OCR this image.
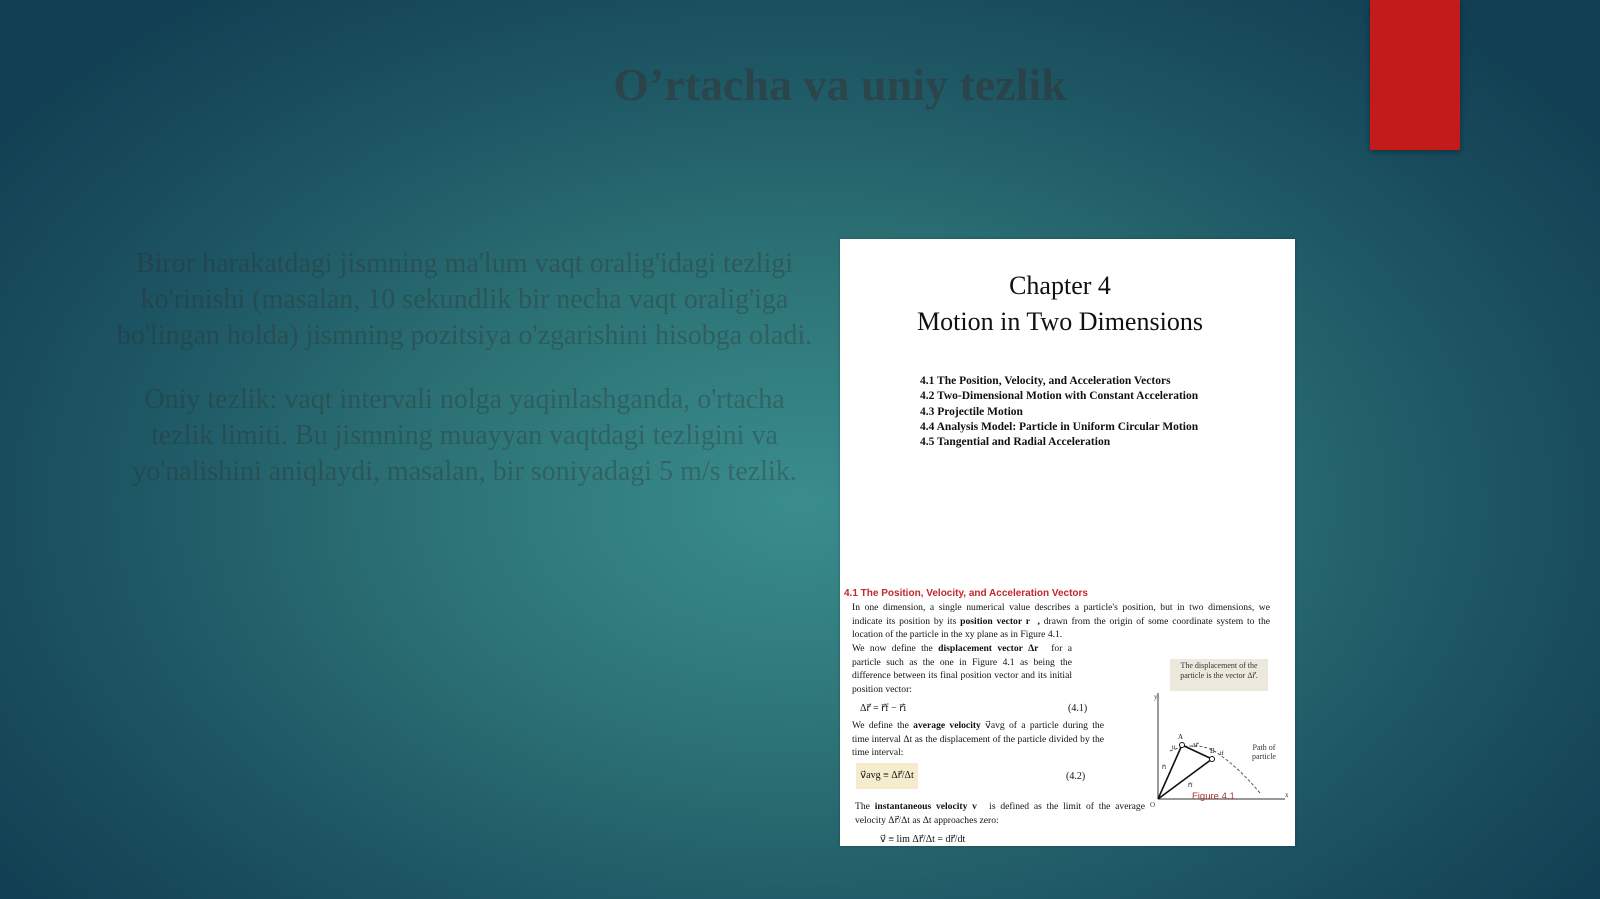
O’rtacha va uniy tezlik

Biror harakatdagi jismning ma'lum vaqt oralig'idagi tezligi ko'rinishi (masalan, 10 sekundlik bir necha vaqt oralig'iga bo'lingan holda) jismning pozitsiya o'zgarishini hisobga oladi.

Oniy tezlik: vaqt intervali nolga yaqinlashganda, o'rtacha tezlik limiti. Bu jismning muayyan vaqtdagi tezligini va yo'nalishini aniqlaydi, masalan, bir soniyadagi 5 m/s tezlik.

Chapter 4
Motion in Two Dimensions
4.1 The Position, Velocity, and Acceleration Vectors
4.2 Two-Dimensional Motion with Constant Acceleration
4.3 Projectile Motion
4.4 Analysis Model: Particle in Uniform Circular Motion
4.5 Tangential and Radial Acceleration
4.1 The Position, Velocity, and Acceleration Vectors
In one dimension, a single numerical value describes a particle's position, but in two dimensions, we indicate its position by its position vector r⃗, drawn from the origin of some coordinate system to the location of the particle in the xy plane as in Figure 4.1.
We now define the displacement vector Δr⃗ for a particle such as the one in Figure 4.1 as being the difference between its final position vector and its initial position vector:
Δr⃗ = r⃗f − r⃗i	(4.1)
We define the average velocity v⃗avg of a particle during the time interval Δt as the displacement of the particle divided by the time interval:
v⃗avg ≡ Δr⃗/Δt	(4.2)
The instantaneous velocity v⃗ is defined as the limit of the average velocity Δr⃗/Δt as Δt approaches zero:
v⃗ ≡ lim Δr⃗/Δt = dr⃗/dt
y
x
O
A
B
ti
tf
r⃗i
r⃗f
Δr⃗
The displacement of the particle is the vector Δr⃗.
Path of particle
Figure 4.1
